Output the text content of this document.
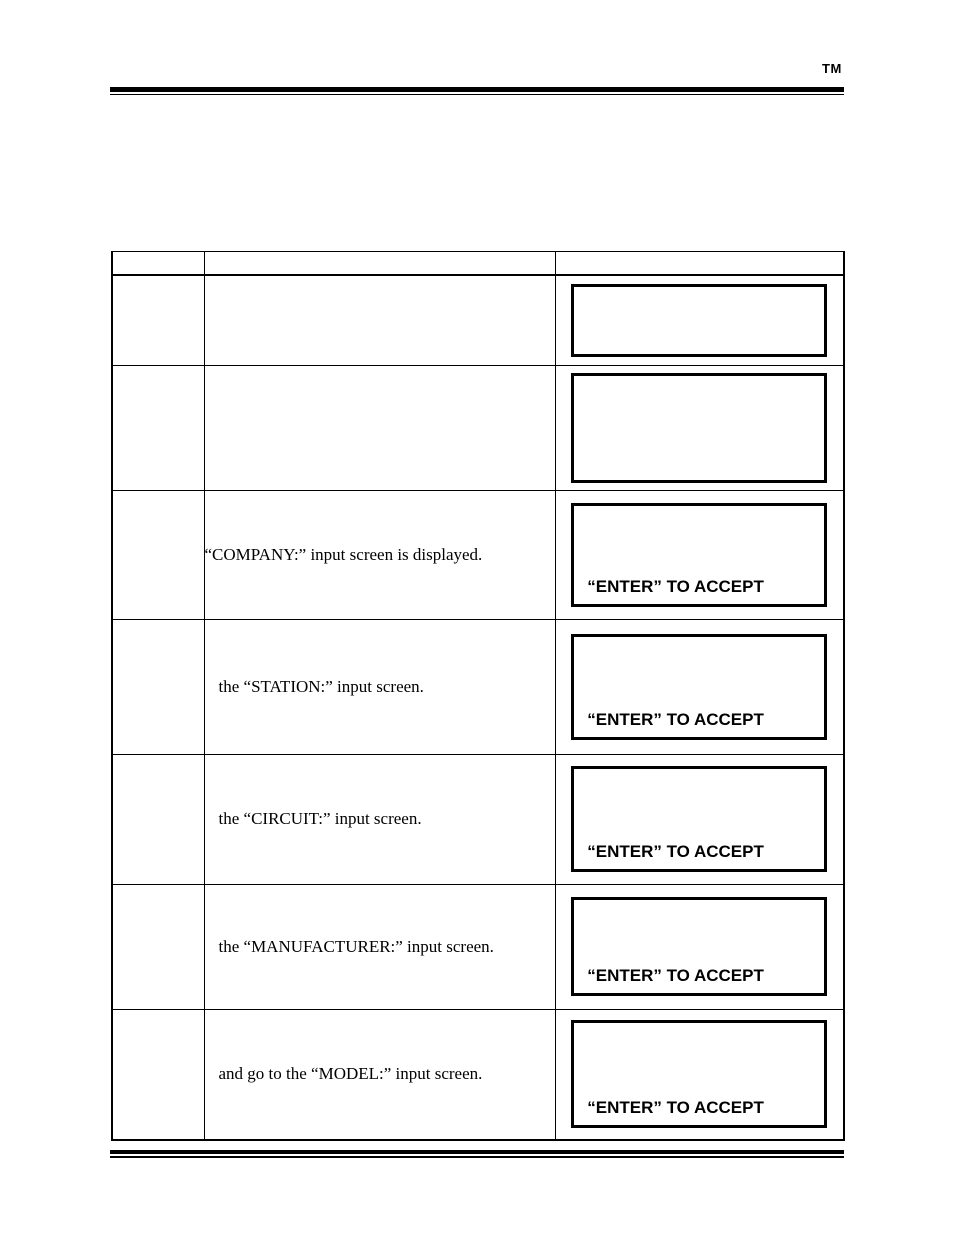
TM

	“COMPANY:” input screen is displayed.	“ENTER” TO ACCEPT

	the “STATION:” input screen.	“ENTER” TO ACCEPT

	the “CIRCUIT:” input screen.	“ENTER” TO ACCEPT

	the “MANUFACTURER:” input screen.	“ENTER” TO ACCEPT

	and go to the “MODEL:” input screen.	“ENTER” TO ACCEPT
